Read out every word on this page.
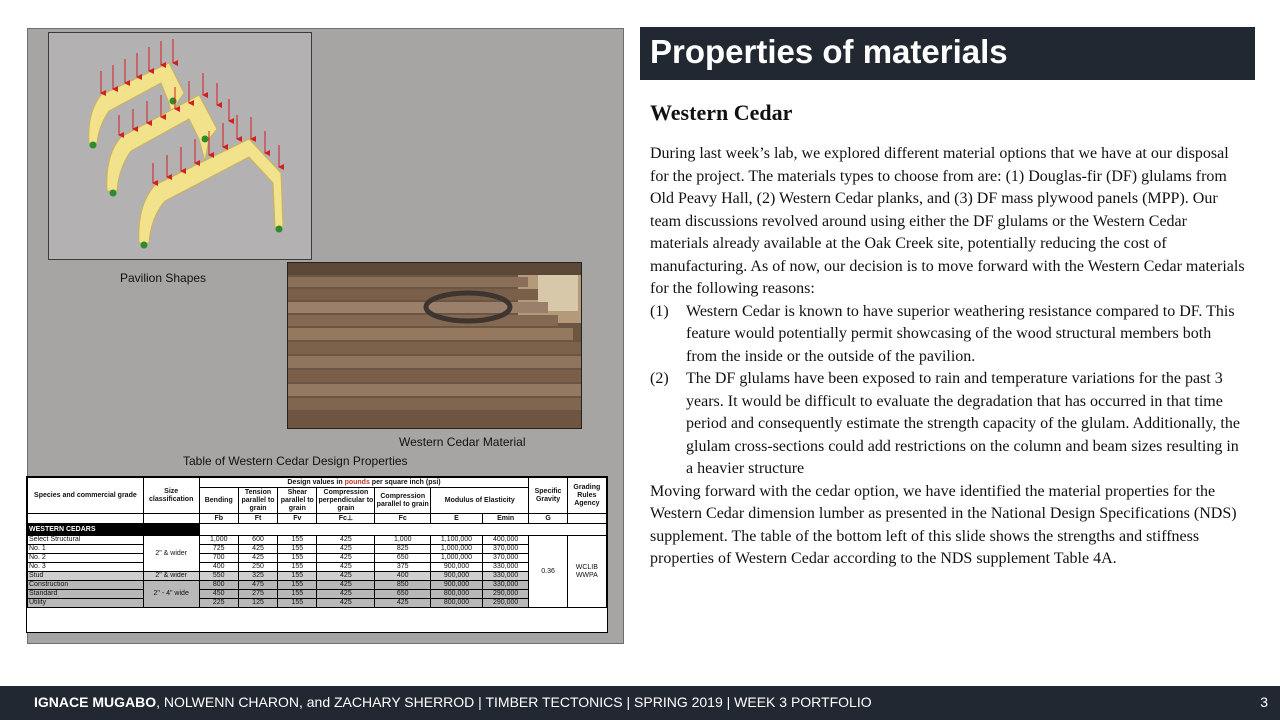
Pavilion Shapes
Western Cedar Material
Table of Western Cedar Design Properties
Species and commercial grade	Size classification	Design values in pounds per square inch (psi)							Specific Gravity	Grading Rules Agency
		Bending	Tension parallel to grain	Shear parallel to grain	Compression perpendicular to grain	Compression parallel to grain	Modulus of Elasticity			
		Fb	Ft	Fv	Fc⊥	Fc	E	Emin	G	
WESTERN CEDARS										
Select Structural	2" & wider	1,000	600	155	425	1,000	1,100,000	400,000	0.36	WCLIB
WWPA
No. 1		725	425	155	425	825	1,000,000	370,000		
No. 2		700	425	155	425	650	1,000,000	370,000		
No. 3		400	250	155	425	375	900,000	330,000		
Stud	2" & wider	550	325	155	425	400	900,000	330,000		
Construction	2" - 4" wide	800	475	155	425	850	900,000	330,000		
Standard		450	275	155	425	650	800,000	290,000		
Utility		225	125	155	425	425	800,000	290,000		
Properties of materials
Western Cedar

During last week’s lab, we explored different material options that we have at our disposal for the project. The materials types to choose from are: (1) Douglas-fir (DF) glulams from Old Peavy Hall, (2) Western Cedar planks, and (3) DF mass plywood panels (MPP). Our team discussions revolved around using either the DF glulams or the Western Cedar materials already available at the Oak Creek site, potentially reducing the cost of manufacturing. As of now, our decision is to move forward with the Western Cedar materials for the following reasons:

(1) Western Cedar is known to have superior weathering resistance compared to DF. This feature would potentially permit showcasing of the wood structural members both from the inside or the outside of the pavilion.
(2) The DF glulams have been exposed to rain and temperature variations for the past 3 years. It would be difficult to evaluate the degradation that has occurred in that time period and consequently estimate the strength capacity of the glulam. Additionally, the glulam cross-sections could add restrictions on the column and beam sizes resulting in a heavier structure

Moving forward with the cedar option, we have identified the material properties for the Western Cedar dimension lumber as presented in the National Design Specifications (NDS) supplement. The table of the bottom left of this slide shows the strengths and stiffness properties of Western Cedar according to the NDS supplement Table 4A.

IGNACE MUGABO, NOLWENN CHARON, and ZACHARY SHERROD | TIMBER TECTONICS | SPRING 2019 | WEEK 3 PORTFOLIO	3
